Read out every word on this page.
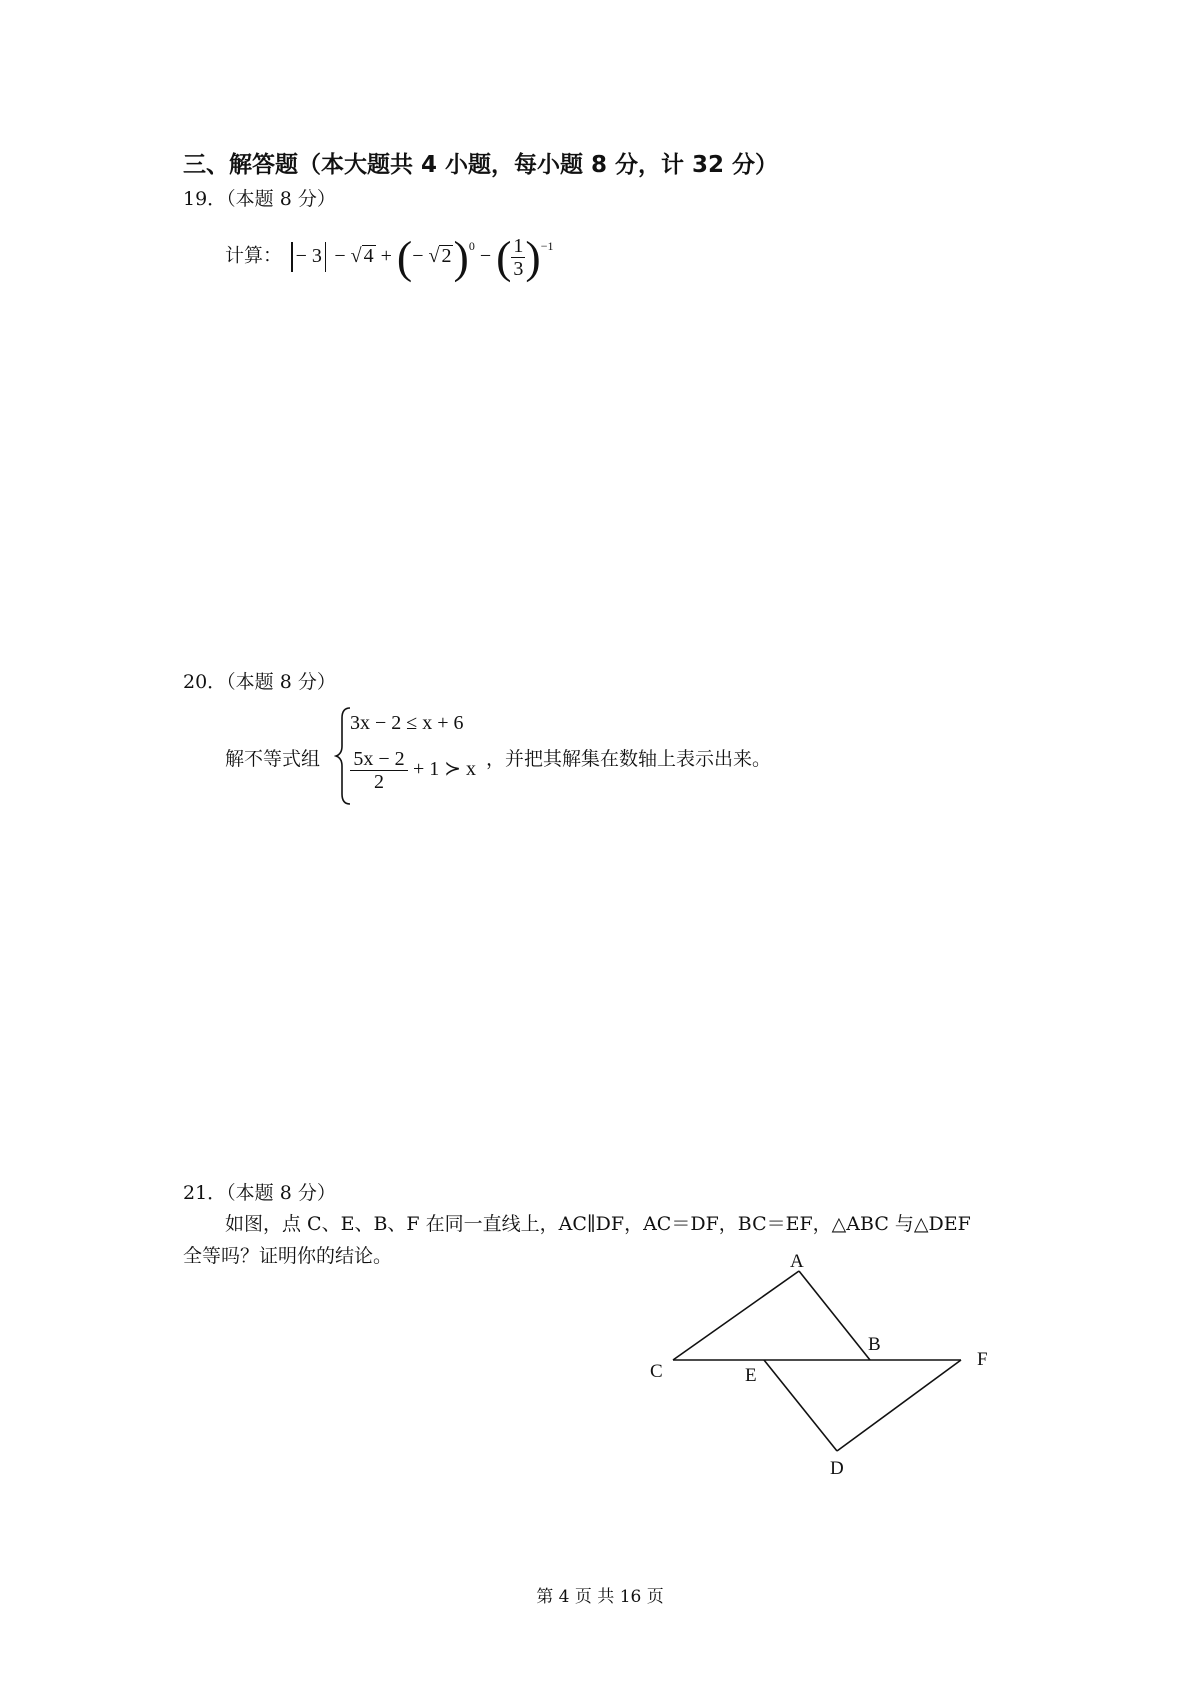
三、解答题（本大题共 4 小题，每小题 8 分，计 32 分）
19．（本题 8 分）
计算： − 3 − √ 4 + (− √ 2)$^0$ − ( $\frac{1}{3} )^{-1}$
20．（本题 8 分）
解不等式组
3x − 2 ≤ x + 6
$\frac{5x - 2}{2} + 1$ ≻ x ，并把其解集在数轴上表示出来。
21．（本题 8 分）
如图，点 C、E、B、F 在同一直线上，AC∥DF，AC＝DF，BC＝EF，△ABC 与△DEF
全等吗？证明你的结论。	A
B
C
D
E
F
第 4 页 共 16 页
